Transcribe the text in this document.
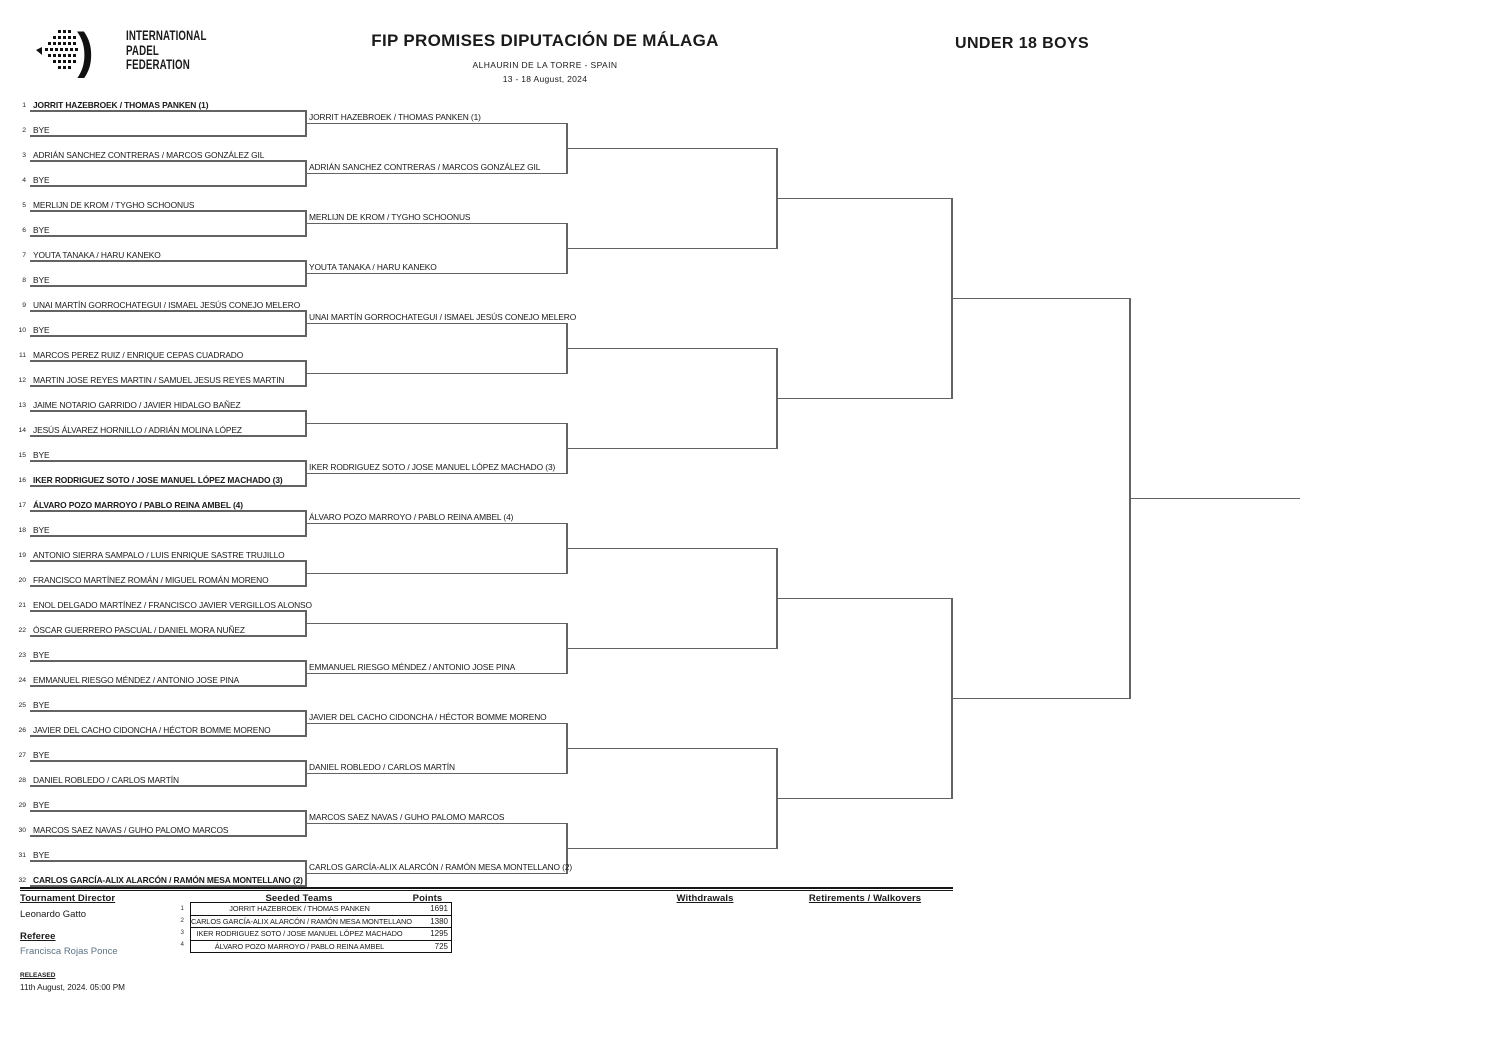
) INTERNATIONAL
PADEL
FEDERATION
FIP PROMISES DIPUTACIÓN DE MÁLAGA
ALHAURIN DE LA TORRE - SPAIN
13 - 18 August, 2024
UNDER 18 BOYS
1 JORRIT HAZEBROEK / THOMAS PANKEN (1)
2 BYE
3 ADRIÁN SANCHEZ CONTRERAS / MARCOS GONZÁLEZ GIL
4 BYE
5 MERLIJN DE KROM / TYGHO SCHOONUS
6 BYE
7 YOUTA TANAKA / HARU KANEKO
8 BYE
9 UNAI MARTÍN GORROCHATEGUI / ISMAEL JESÚS CONEJO MELERO
10 BYE
11 MARCOS PEREZ RUIZ / ENRIQUE CEPAS CUADRADO
12 MARTIN JOSE REYES MARTIN / SAMUEL JESUS REYES MARTIN
13 JAIME NOTARIO GARRIDO / JAVIER HIDALGO BAÑEZ
14 JESÚS ÁLVAREZ HORNILLO / ADRIÁN MOLINA LÓPEZ
15 BYE
16 IKER RODRIGUEZ SOTO / JOSE MANUEL LÓPEZ MACHADO (3)
17 ÁLVARO POZO MARROYO / PABLO REINA AMBEL (4)
18 BYE
19 ANTONIO SIERRA SAMPALO / LUIS ENRIQUE SASTRE TRUJILLO
20 FRANCISCO MARTÍNEZ ROMÁN / MIGUEL ROMÁN MORENO
21 ENOL DELGADO MARTÍNEZ / FRANCISCO JAVIER VERGILLOS ALONSO
22 ÓSCAR GUERRERO PASCUAL / DANIEL MORA NUÑEZ
23 BYE
24 EMMANUEL RIESGO MÉNDEZ / ANTONIO JOSE PINA
25 BYE
26 JAVIER DEL CACHO CIDONCHA / HÉCTOR BOMME MORENO
27 BYE
28 DANIEL ROBLEDO / CARLOS MARTÍN
29 BYE
30 MARCOS SAEZ NAVAS / GUHO PALOMO MARCOS
31 BYE
32 CARLOS GARCÍA-ALIX ALARCÓN / RAMÓN MESA MONTELLANO (2)
JORRIT HAZEBROEK / THOMAS PANKEN (1)
ADRIÁN SANCHEZ CONTRERAS / MARCOS GONZÁLEZ GIL
MERLIJN DE KROM / TYGHO SCHOONUS
YOUTA TANAKA / HARU KANEKO
UNAI MARTÍN GORROCHATEGUI / ISMAEL JESÚS CONEJO MELERO
IKER RODRIGUEZ SOTO / JOSE MANUEL LÓPEZ MACHADO (3)
ÁLVARO POZO MARROYO / PABLO REINA AMBEL (4)
EMMANUEL RIESGO MÉNDEZ / ANTONIO JOSE PINA
JAVIER DEL CACHO CIDONCHA / HÉCTOR BOMME MORENO
DANIEL ROBLEDO / CARLOS MARTÍN
MARCOS SAEZ NAVAS / GUHO PALOMO MARCOS
CARLOS GARCÍA-ALIX ALARCÓN / RAMÓN MESA MONTELLANO (2)
Tournament Director
Leonardo Gatto
Referee
Francisca Rojas Ponce
RELEASED
11th August, 2024. 05:00 PM
Seeded Teams	Points	Withdrawals	Retirements / Walkovers
1
2
3
4
JORRIT HAZEBROEK / THOMAS PANKEN	1691
CARLOS GARCÍA-ALIX ALARCÓN / RAMÓN MESA MONTELLANO	1380
IKER RODRIGUEZ SOTO / JOSE MANUEL LÓPEZ MACHADO	1295
ÁLVARO POZO MARROYO / PABLO REINA AMBEL	725
